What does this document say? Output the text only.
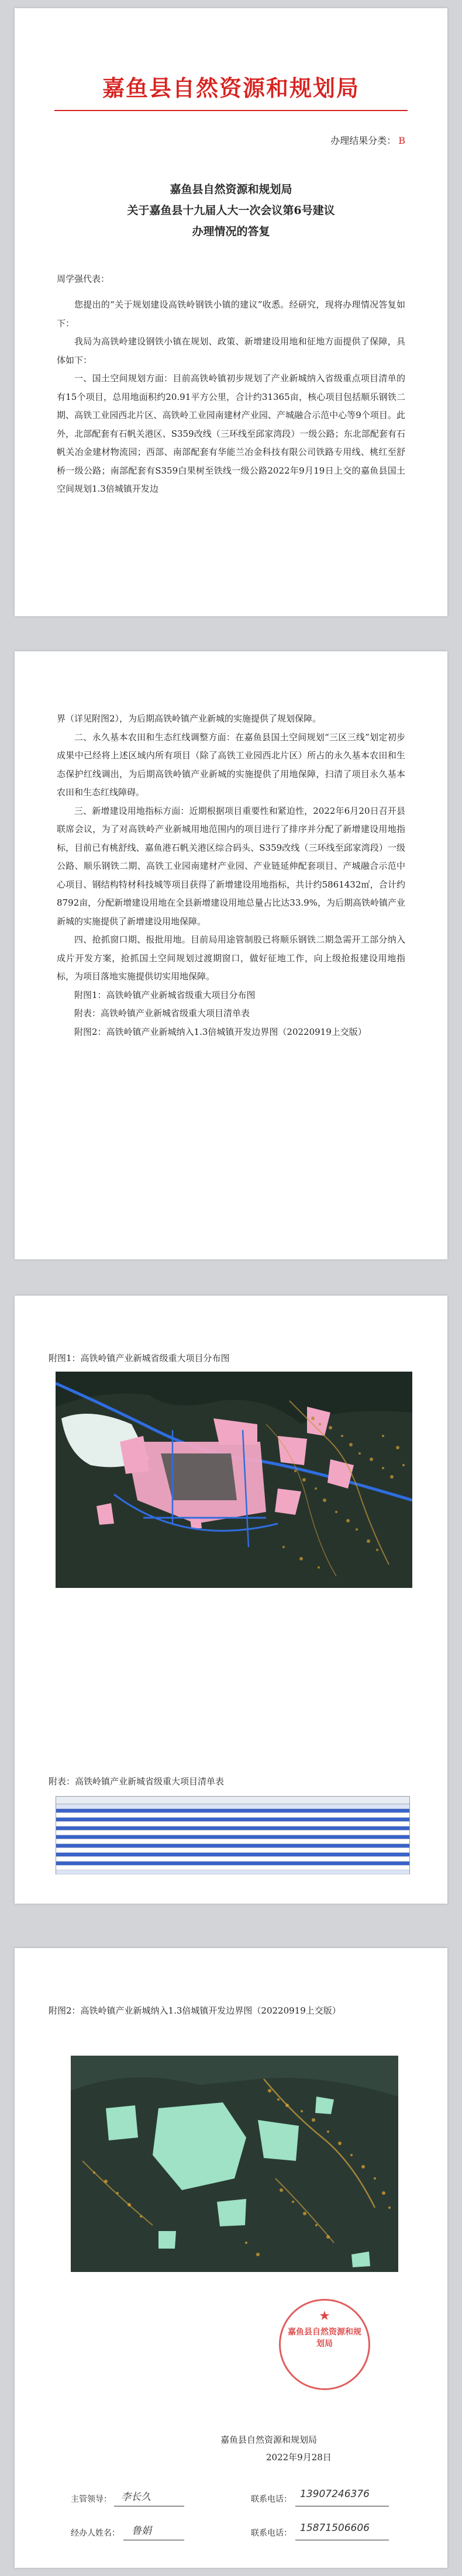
嘉鱼县自然资源和规划局
办理结果分类： B
嘉鱼县自然资源和规划局
关于嘉鱼县十九届人大一次会议第6号建议
办理情况的答复
周学强代表：

您提出的“关于规划建设高铁岭钢铁小镇的建议”收悉。经研究，现将办理情况答复如下：

我局为高铁岭建设钢铁小镇在规划、政策、新增建设用地和征地方面提供了保障，具体如下：

一、国土空间规划方面：目前高铁岭镇初步规划了产业新城纳入省级重点项目清单的有15个项目，总用地面积约20.91平方公里，合计约31365亩，核心项目包括顺乐钢铁二期、高铁工业园西北片区、高铁岭工业园南建材产业园、产城融合示范中心等9个项目。此外，北部配套有石帆关港区、S359改线（三环线至邱家湾段）一级公路；东北部配套有石帆关冶金建材物流园；西部、南部配套有华能兰冶金科技有限公司铁路专用线、桃红至舒桥一级公路；南部配套有S359白果树至铁线一级公路2022年9月19日上交的嘉鱼县国土空间规划1.3倍城镇开发边

界（详见附图2），为后期高铁岭镇产业新城的实施提供了规划保障。

二、永久基本农田和生态红线调整方面：在嘉鱼县国土空间规划“三区三线”划定初步成果中已经将上述区域内所有项目（除了高铁工业园西北片区）所占的永久基本农田和生态保护红线调出，为后期高铁岭镇产业新城的实施提供了用地保障，扫清了项目永久基本农田和生态红线障碍。

三、新增建设用地指标方面：近期根据项目重要性和紧迫性，2022年6月20日召开县联席会议，为了对高铁岭产业新城用地范围内的项目进行了排序并分配了新增建设用地指标，目前已有桃舒线、嘉鱼港石帆关港区综合码头、S359改线（三环线至邱家湾段）一级公路、顺乐钢铁二期、高铁工业园南建材产业园、产业链延伸配套项目、产城融合示范中心项目、钢结构特材科技城等项目获得了新增建设用地指标，共计约5861432㎡，合计约8792亩，分配新增建设用地在全县新增建设用地总量占比达33.9%，为后期高铁岭镇产业新城的实施提供了新增建设用地保障。

四、抢抓窗口期、报批用地。目前局用途管制股已将顺乐钢铁二期急需开工部分纳入成片开发方案，抢抓国土空间规划过渡期窗口，做好征地工作，向上级抢报建设用地指标，为项目落地实施提供切实用地保障。

附图1：高铁岭镇产业新城省级重大项目分布图

附表：高铁岭镇产业新城省级重大项目清单表

附图2：高铁岭镇产业新城纳入1.3倍城镇开发边界图（20220919上交版）

附图1：高铁岭镇产业新城省级重大项目分布图
附表：高铁岭镇产业新城省级重大项目清单表
附图2：高铁岭镇产业新城纳入1.3倍城镇开发边界图（20220919上交版）
★
嘉鱼县自然资源和规划局
嘉鱼县自然资源和规划局
2022年9月28日
主管领导： 李长久	联系电话： 13907246376
经办人姓名： 鲁娟	联系电话： 15871506606
